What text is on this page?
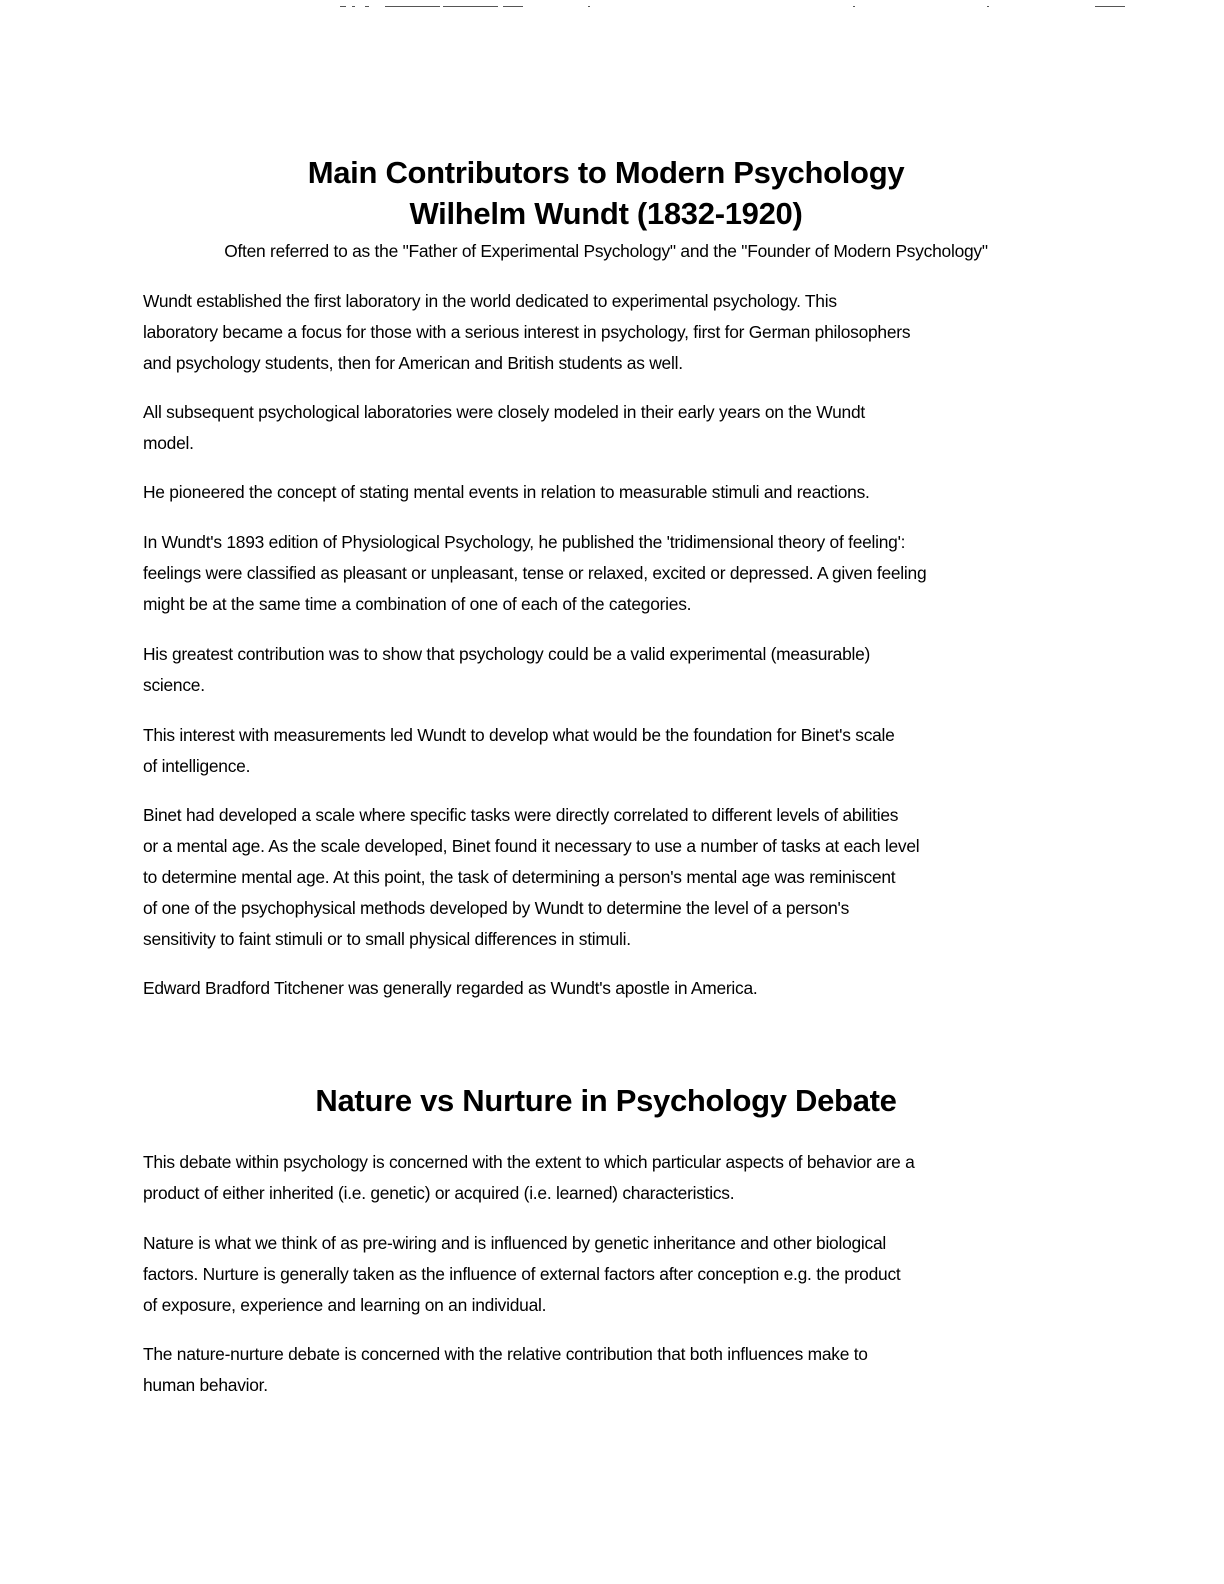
Main Contributors to Modern Psychology
Wilhelm Wundt (1832-1920)

Often referred to as the "Father of Experimental Psychology" and the "Founder of Modern Psychology"

Wundt established the first laboratory in the world dedicated to experimental psychology. This
laboratory became a focus for those with a serious interest in psychology, first for German philosophers
and psychology students, then for American and British students as well.

All subsequent psychological laboratories were closely modeled in their early years on the Wundt
model.

He pioneered the concept of stating mental events in relation to measurable stimuli and reactions.

In Wundt's 1893 edition of Physiological Psychology, he published the 'tridimensional theory of feeling':
feelings were classified as pleasant or unpleasant, tense or relaxed, excited or depressed. A given feeling
might be at the same time a combination of one of each of the categories.

His greatest contribution was to show that psychology could be a valid experimental (measurable)
science.

This interest with measurements led Wundt to develop what would be the foundation for Binet's scale
of intelligence.

Binet had developed a scale where specific tasks were directly correlated to different levels of abilities
or a mental age. As the scale developed, Binet found it necessary to use a number of tasks at each level
to determine mental age. At this point, the task of determining a person's mental age was reminiscent
of one of the psychophysical methods developed by Wundt to determine the level of a person's
sensitivity to faint stimuli or to small physical differences in stimuli.

Edward Bradford Titchener was generally regarded as Wundt's apostle in America.

Nature vs Nurture in Psychology Debate

This debate within psychology is concerned with the extent to which particular aspects of behavior are a
product of either inherited (i.e. genetic) or acquired (i.e. learned) characteristics.

Nature is what we think of as pre-wiring and is influenced by genetic inheritance and other biological
factors. Nurture is generally taken as the influence of external factors after conception e.g. the product
of exposure, experience and learning on an individual.

The nature-nurture debate is concerned with the relative contribution that both influences make to
human behavior.
